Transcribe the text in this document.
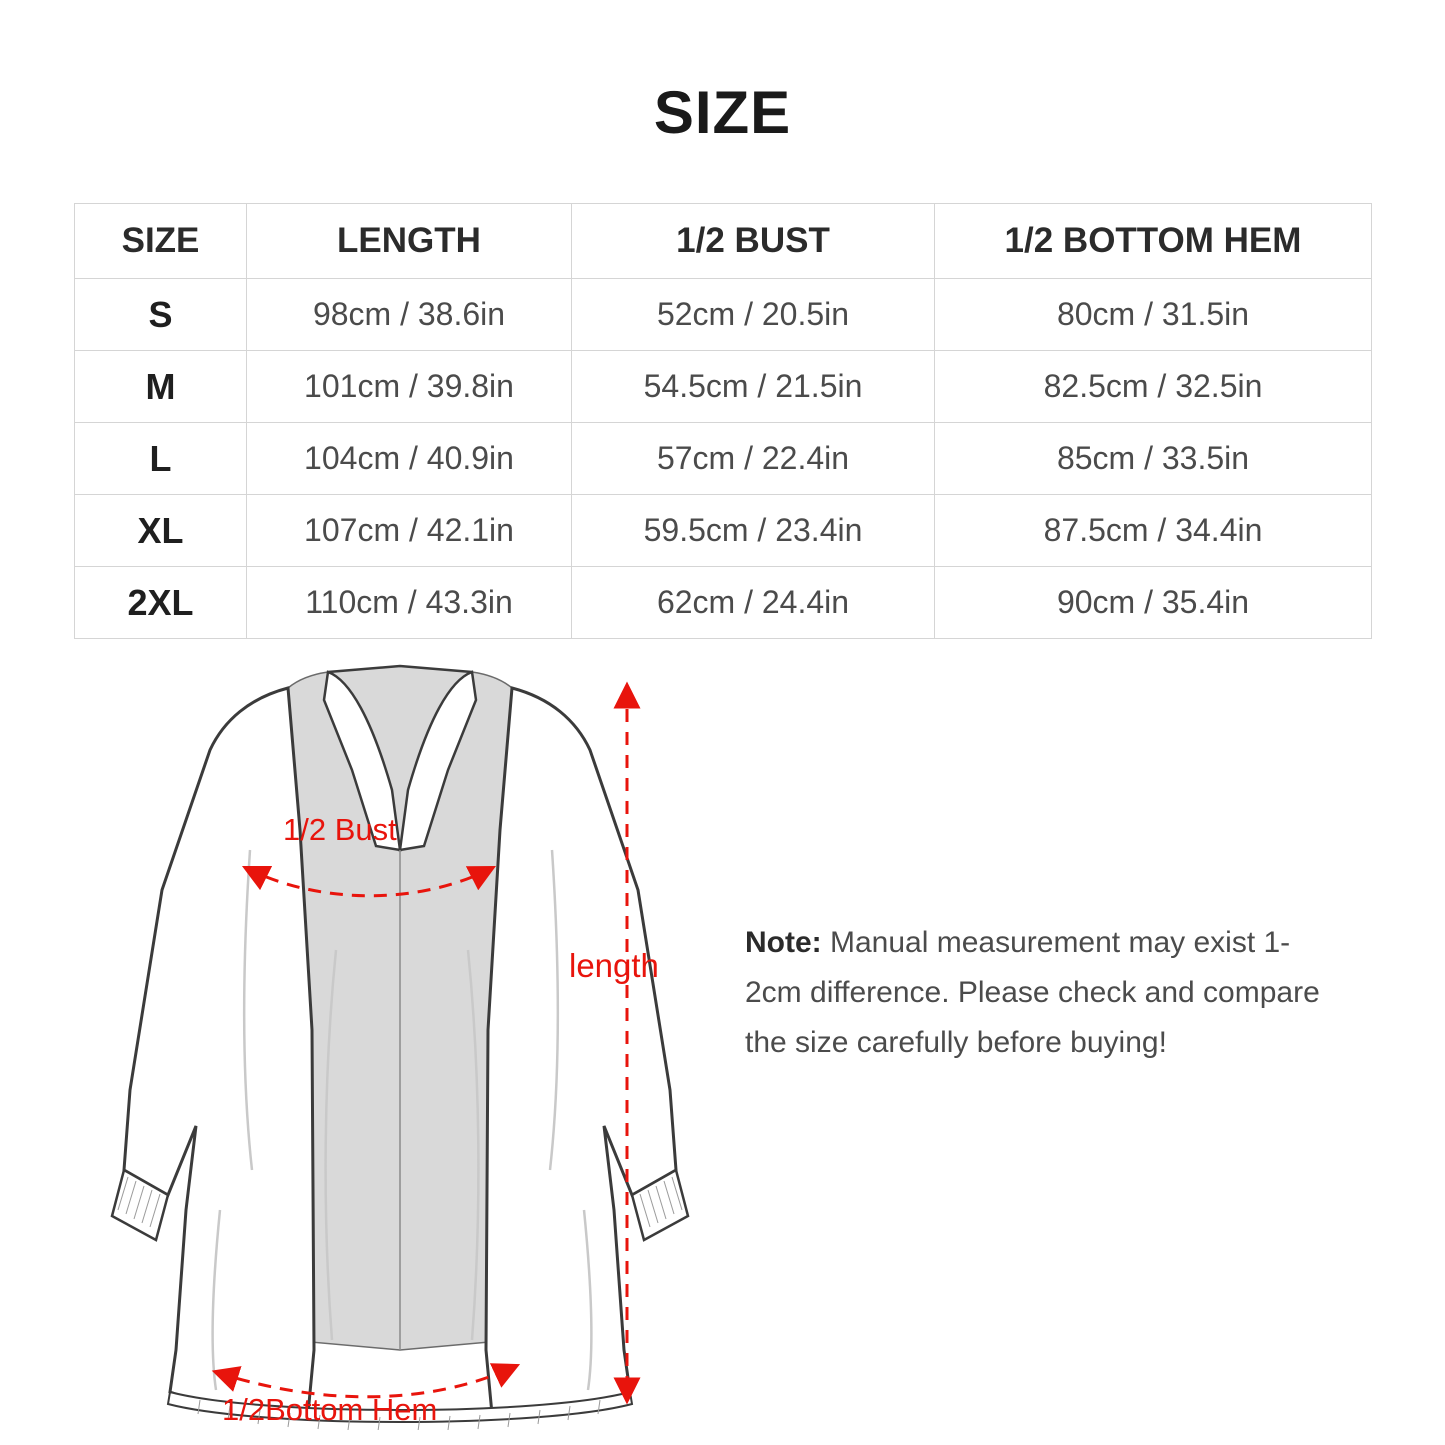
SIZE
SIZE	LENGTH	1/2 BUST	1/2 BOTTOM HEM
S	98cm / 38.6in	52cm / 20.5in	80cm / 31.5in
M	101cm / 39.8in	54.5cm / 21.5in	82.5cm / 32.5in
L	104cm / 40.9in	57cm / 22.4in	85cm / 33.5in
XL	107cm / 42.1in	59.5cm / 23.4in	87.5cm / 34.4in
2XL	110cm / 43.3in	62cm / 24.4in	90cm / 35.4in
1/2 Bust
1/2Bottom Hem
length
Note: Manual measurement may exist 1-2cm difference. Please check and compare the size carefully before buying!
